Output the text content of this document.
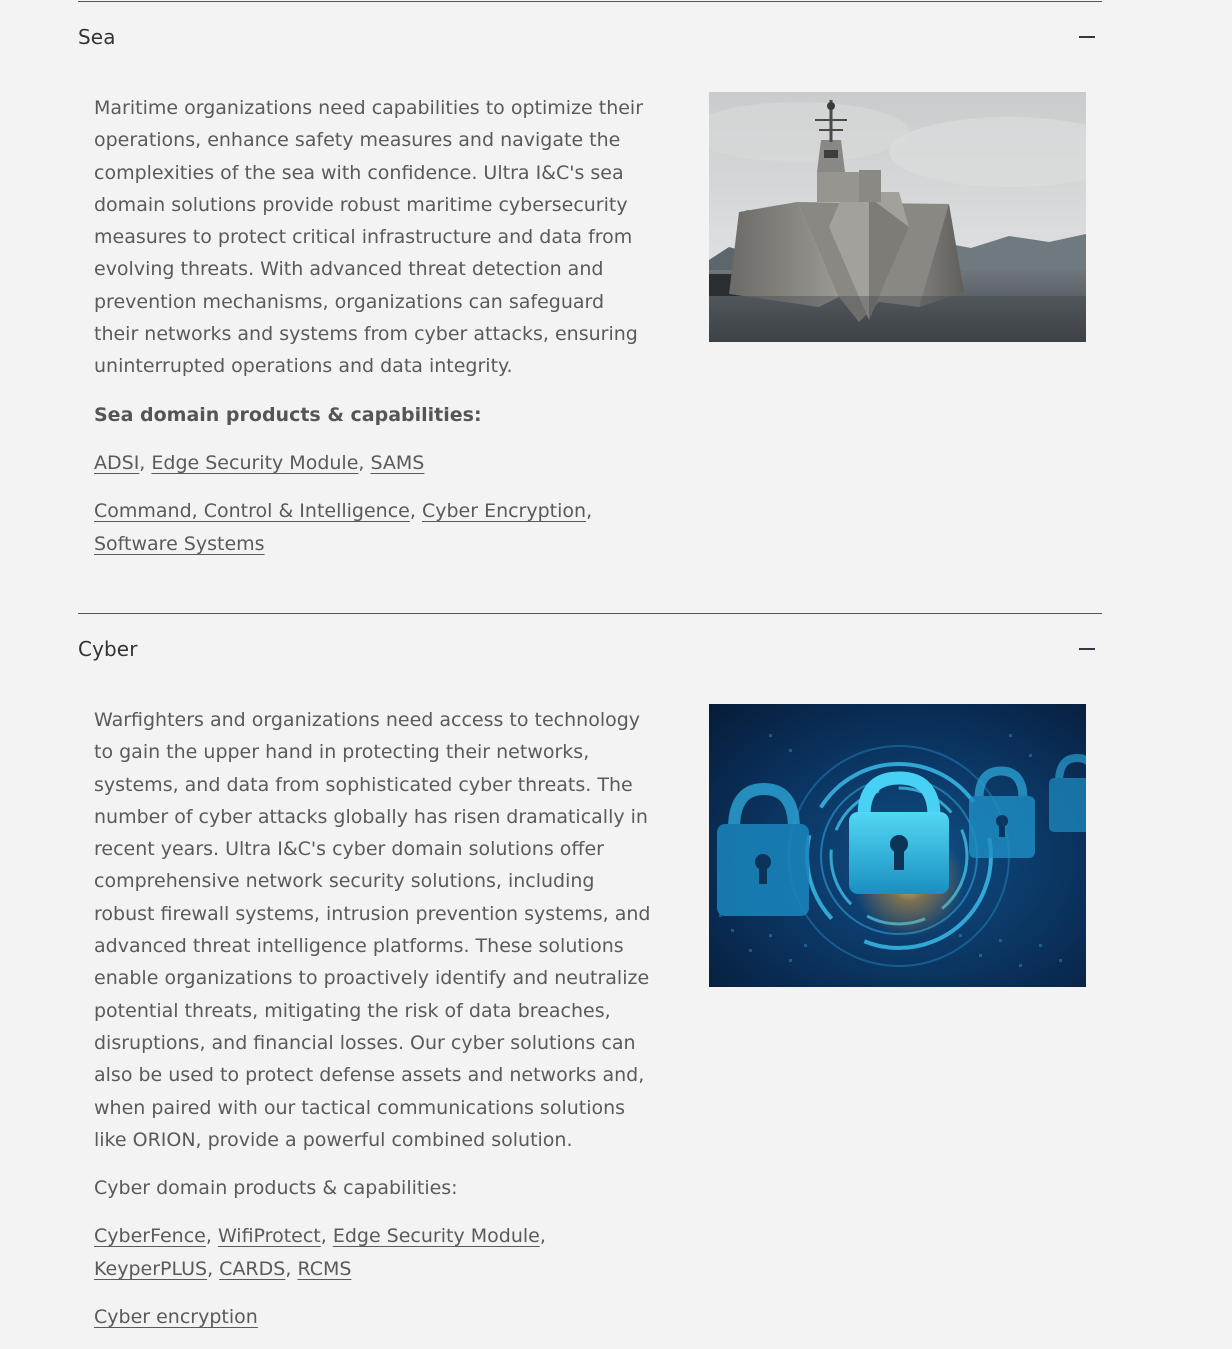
Sea

Maritime organizations need capabilities to optimize their operations, enhance safety measures and navigate the complexities of the sea with confidence. Ultra I&C's sea domain solutions provide robust maritime cybersecurity measures to protect critical infrastructure and data from evolving threats. With advanced threat detection and prevention mechanisms, organizations can safeguard their networks and systems from cyber attacks, ensuring uninterrupted operations and data integrity.

Sea domain products & capabilities:

ADSI, Edge Security Module, SAMS

Command, Control & Intelligence, Cyber Encryption, Software Systems

Cyber

Warfighters and organizations need access to technology to gain the upper hand in protecting their networks, systems, and data from sophisticated cyber threats. The number of cyber attacks globally has risen dramatically in recent years. Ultra I&C's cyber domain solutions offer comprehensive network security solutions, including robust firewall systems, intrusion prevention systems, and advanced threat intelligence platforms. These solutions enable organizations to proactively identify and neutralize potential threats, mitigating the risk of data breaches, disruptions, and financial losses. Our cyber solutions can also be used to protect defense assets and networks and, when paired with our tactical communications solutions like ORION, provide a powerful combined solution.

Cyber domain products & capabilities:

CyberFence, WifiProtect, Edge Security Module, KeyperPLUS, CARDS, RCMS

Cyber encryption
